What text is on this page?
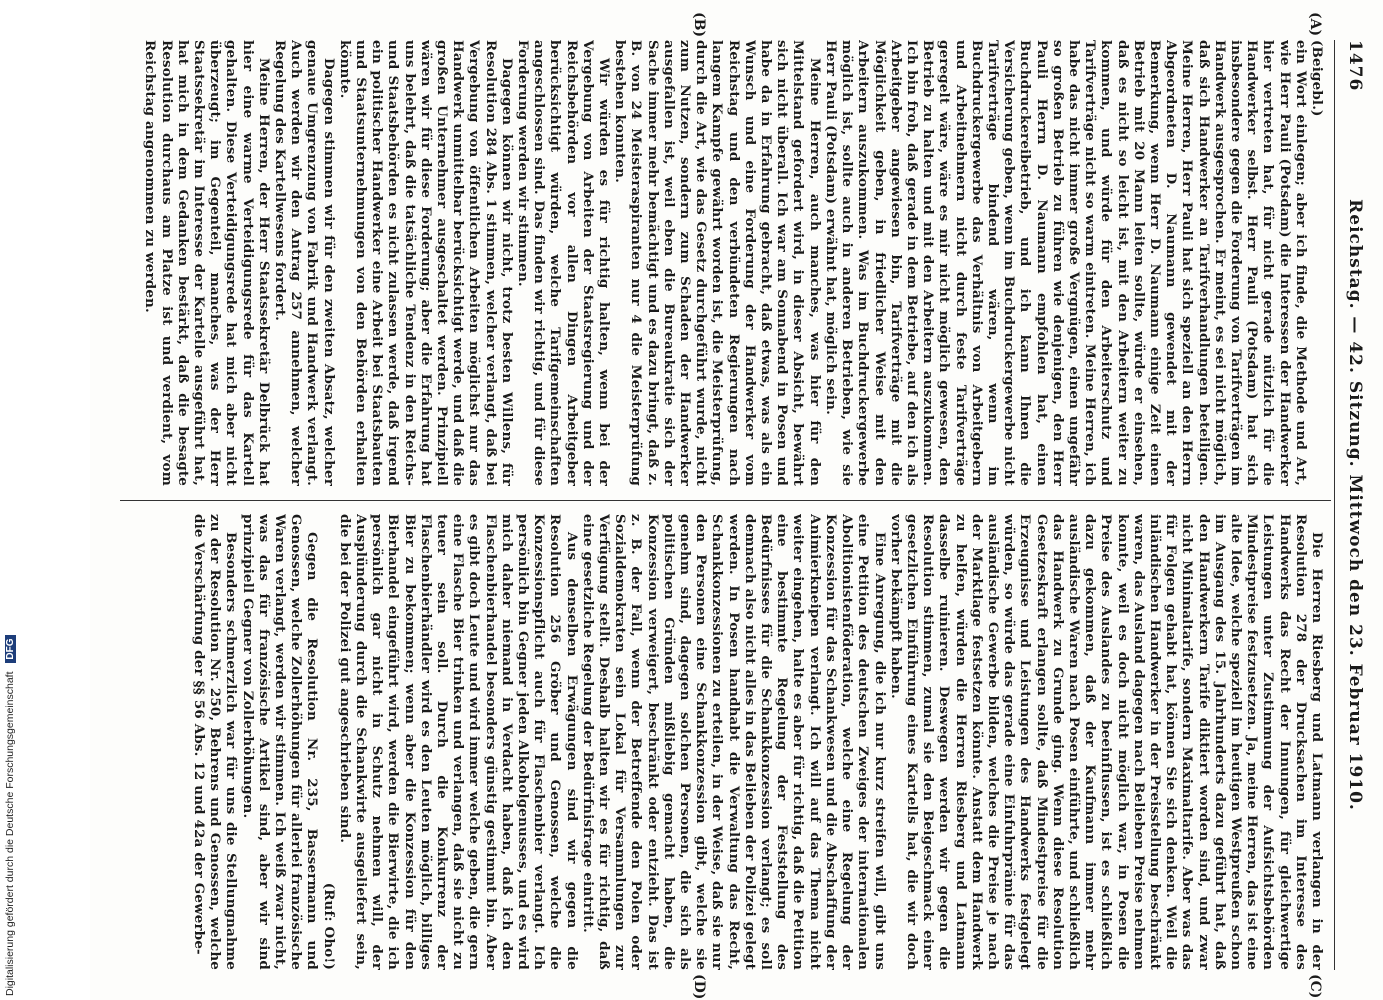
1476
Reichstag. — 42. Sitzung. Mittwoch den 23. Februar 1910.
(A)
(B)
(C)
(D)

(Beigebl.)

ein Wort einlegen; aber ich finde, die Methode und Art, wie Herr Pauli (Potsdam) die Interessen der Handwerker hier vertreten hat, für nicht gerade nützlich für die Handwerker selbst. Herr Pauli (Potsdam) hat sich insbesondere gegen die Forderung von Tarifverträgen im Handwerk ausgesprochen. Er meint, es sei nicht möglich, daß sich Handwerker an Tarifverhandlungen beteiligen. Meine Herren, Herr Pauli hat sich speziell an den Herrn Abgeordneten D. Naumann gewendet mit der Bemerkung, wenn Herr D. Naumann einige Zeit einen Betrieb mit 20 Mann leiten sollte, würde er einsehen, daß es nicht so leicht ist, mit den Arbeitern weiter zu kommen, und würde für den Arbeiterschutz und Tarifverträge nicht so warm eintreten. Meine Herren, ich habe das nicht immer große Vergnügen, einen ungefähr so großen Betrieb zu führen wie denjenigen, den Herr Pauli Herrn D. Naumann empfohlen hat, einen Buchdruckereibetrieb, und ich kann Ihnen die Versicherung geben, wenn im Buchdruckergewerbe nicht Tarifverträge bindend wären, wenn im Buchdruckergewerbe das Verhältnis von Arbeitgebern und Arbeitnehmern nicht durch feste Tarifverträge geregelt wäre, wäre es mir nicht möglich gewesen, den Betrieb zu halten und mit den Arbeitern auszukommen. Ich bin froh, daß gerade in dem Betriebe, auf den ich als Arbeitgeber angewiesen bin, Tarifverträge mit die Möglichkeit geben, in friedlicher Weise mit den Arbeitern auszukommen. Was im Buchdruckergewerbe möglich ist, sollte auch in anderen Betrieben, wie sie Herr Pauli (Potsdam) erwähnt hat, möglich sein.

Meine Herren, auch manches, was hier für den Mittelstand gefordert wird, in dieser Absicht, bewährt sich nicht überall. Ich war am Sonnabend in Posen und habe da in Erfahrung gebracht, daß etwas, was als ein Wunsch und eine Forderung der Handwerker vom Reichstag und den verbündeten Regierungen nach langem Kampfe gewährt worden ist, die Meisterprüfung, durch die Art, wie das Gesetz durchgeführt wurde, nicht zum Nutzen, sondern zum Schaden der Handwerker ausgefallen ist, weil eben die Bureaukratie sich der Sache immer mehr bemächtigt und es dazu bringt, daß z. B. von 24 Meisteraspiranten nur 4 die Meisterprüfung bestehen konnten.

Wir würden es für richtig halten, wenn bei der Vergebung von Arbeiten der Staatsregierung und der Reichsbehörden vor allen Dingen Arbeitgeber berücksichtigt würden, welche Tarifgemeinschaften angeschlossen sind. Das finden wir richtig, und für diese Forderung werden wir stimmen.

Dagegen können wir nicht, trotz besten Willens, für Resolution 284 Abs. 1 stimmen, welcher verlangt, daß bei Vergebung von öffentlichen Arbeiten möglichst nur das Handwerk unmittelbar berücksichtigt werde, und daß die großen Unternehmer ausgeschaltet werden. Prinzipiell wären wir für diese Forderung; aber die Erfahrung hat uns belehrt, daß die tatsächliche Tendenz in den Reichs- und Staatsbehörden es nicht zulassen werde, daß irgend ein politischer Handwerker eine Arbeit bei Staatsbauten und Staatsunternehmungen von den Behörden erhalten könnte.

Dagegen stimmen wir für den zweiten Absatz, welcher genaue Umgrenzung von Fabrik und Handwerk verlangt. Auch werden wir den Antrag 257 annehmen, welcher Regelung des Kartellwesens fordert.

Meine Herren, der Herr Staatssekretär Delbrück hat hier eine warme Verteidigungsrede für das Kartell gehalten. Diese Verteidigungsrede hat mich aber nicht überzeugt; im Gegenteil, manches, was der Herr Staatssekretär im Interesse der Kartelle ausgeführt hat, hat mich in dem Gedanken bestärkt, daß die besagte Resolution durchaus am Platze ist und verdient, vom Reichstag angenommen zu werden.

Die Herren Riesberg und Latmann verlangen in der Resolution 278 der Drucksachen im Interesse des Handwerks das Recht der Innungen, für gleichwertige Leistungen unter Zustimmung der Aufsichtsbehörden Mindestpreise festzusetzen. Ja, meine Herren, das ist eine alte Idee, welche speziell im heutigen Westpreußen schon im Ausgang des 15. Jahrhunderts dazu geführt hat, daß den Handwerkern Tarife diktiert worden sind, und zwar nicht Minimaltarife, sondern Maximaltarife. Aber was das für Folgen gehabt hat, können Sie sich denken. Weil die inländischen Handwerker in der Preisstellung beschränkt waren, das Ausland dagegen nach Belieben Preise nehmen konnte, weil es doch nicht möglich war, in Posen die Preise des Auslandes zu beeinflussen, ist es schließlich dazu gekommen, daß der Kaufmann immer mehr ausländische Waren nach Posen einführte, und schließlich das Handwerk zu Grunde ging. Wenn diese Resolution Gesetzeskraft erlangen sollte, daß Mindestpreise für die Erzeugnisse und Leistungen des Handwerks festgelegt würden, so würde das gerade eine Einfuhrprämie für das ausländische Gewerbe bilden, welches die Preise je nach der Marktlage festsetzen könnte. Anstatt dem Handwerk zu helfen, würden die Herren Riesberg und Latmann dasselbe ruinieren. Deswegen werden wir gegen die Resolution stimmen, zumal sie den Beigeschmack einer gesetzlichen Einführung eines Kartells hat, die wir doch vorher bekämpft haben.

Eine Anregung, die ich nur kurz streifen will, gibt uns eine Petition des deutschen Zweiges der internationalen Abolitionistenföderation, welche eine Regelung der Konzession für das Schankwesen und die Abschaffung der Animierkneipen verlangt. Ich will auf das Thema nicht weiter eingehen, halte es aber für richtig, daß die Petition eine bestimmte Regelung der Feststellung des Bedürfnisses für die Schankkonzession verlangt; es soll demnach also nicht alles in das Belieben der Polizei gelegt werden. In Posen handhabt die Verwaltung das Recht, Schankkonzessionen zu erteilen, in der Weise, daß sie nur den Personen eine Schankkonzession gibt, welche sie genehm sind, dagegen solchen Personen, die sich als politischen Gründen mißliebig gemacht haben, die Konzession verweigert, beschränkt oder entzieht. Das ist z. B. der Fall, wenn der Betreffende den Polen oder Sozialdemokraten sein Lokal für Versammlungen zur Verfügung stellt. Deshalb halten wir es für richtig, daß eine gesetzliche Regelung der Bedürfnisfrage eintritt.

Aus denselben Erwägungen sind wir gegen die Resolution 256 Gröber und Genossen, welche die Konzessionspflicht auch für Flaschenbier verlangt. Ich persönlich bin Gegner jeden Alkoholgenusses, und es wird mich daher niemand in Verdacht haben, daß ich den Flaschenbierhandel besonders günstig gestimmt bin. Aber es gibt doch Leute und wird immer welche geben, die gern eine Flasche Bier trinken und verlangen, daß sie nicht zu teuer sein soll. Durch die Konkurrenz der Flaschenbierhändler wird es den Leuten möglich, billiges Bier zu bekommen; wenn aber die Konzession für den Bierhandel eingeführt wird, werden die Bierwirte, die ich persönlich gar nicht in Schutz nehmen will, der Ausplünderung durch die Schankwirte ausgeliefert sein, die bei der Polizei gut angeschrieben sind.

(Ruf: Oho!)

Gegen die Resolution Nr. 235, Bassermann und Genossen, welche Zollerhöhungen für allerlei französische Waren verlangt, werden wir stimmen. Ich weiß zwar nicht, was das für französische Artikel sind, aber wir sind prinzipiell Gegner von Zollerhöhungen.

Besonders schmerzlich war für uns die Stellungnahme zu der Resolution Nr. 250, Behrens und Genossen, welche die Verschärfung der §§ 56 Abs. 12 und 42a der Gewerbe-

Digitalisierung gefördert durch die Deutsche Forschungsgemeinschaft DFG
